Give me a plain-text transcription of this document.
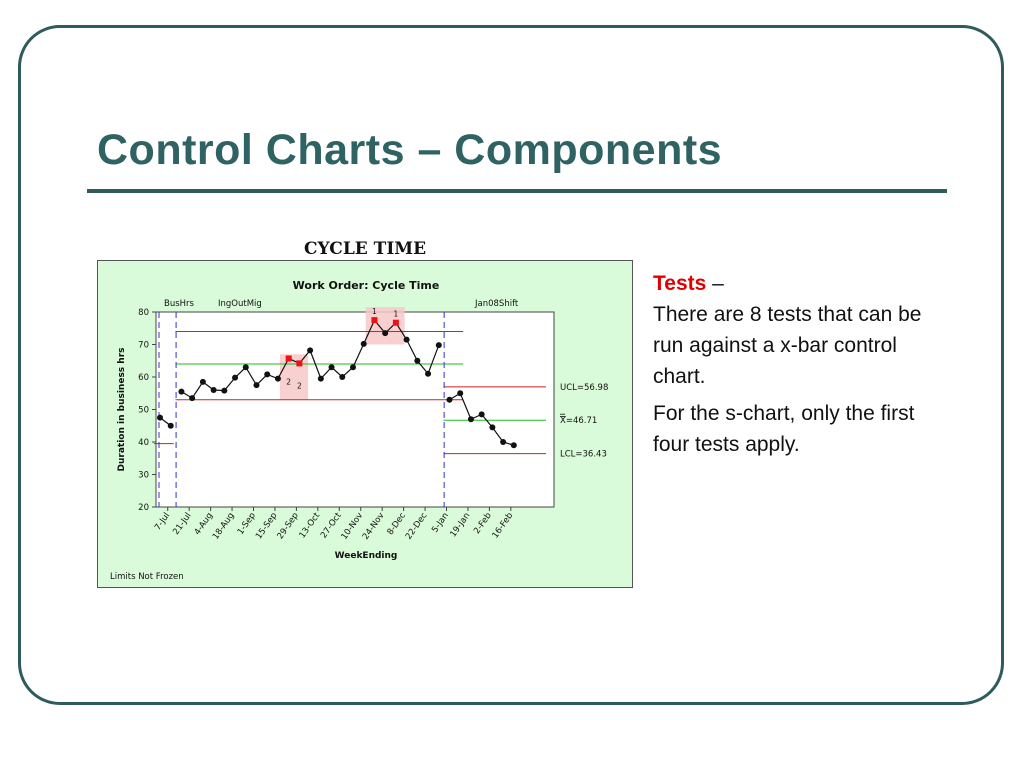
Control Charts – Components
CYCLE TIME
Work Order: Cycle Time
BusHrs	IngOutMig	Jan08Shift
2 2
1 1
20
30
40
50
60
70
80
7-Jul 21-Jul
4-Aug
18-Aug 1-Sep
15-Sep
29-Sep
13-Oct
27-Oct
10-Nov
24-Nov
8-Dec
22-Dec 5-Jan
19-Jan 2-Feb
16-Feb
WeekEnding
Duration in business hrs	UCL=56.98
X=46.71
LCL=36.43
Limits Not Frozen

Tests –
There are 8 tests that can be run against a x-bar control chart.

For the s-chart, only the first four tests apply.
